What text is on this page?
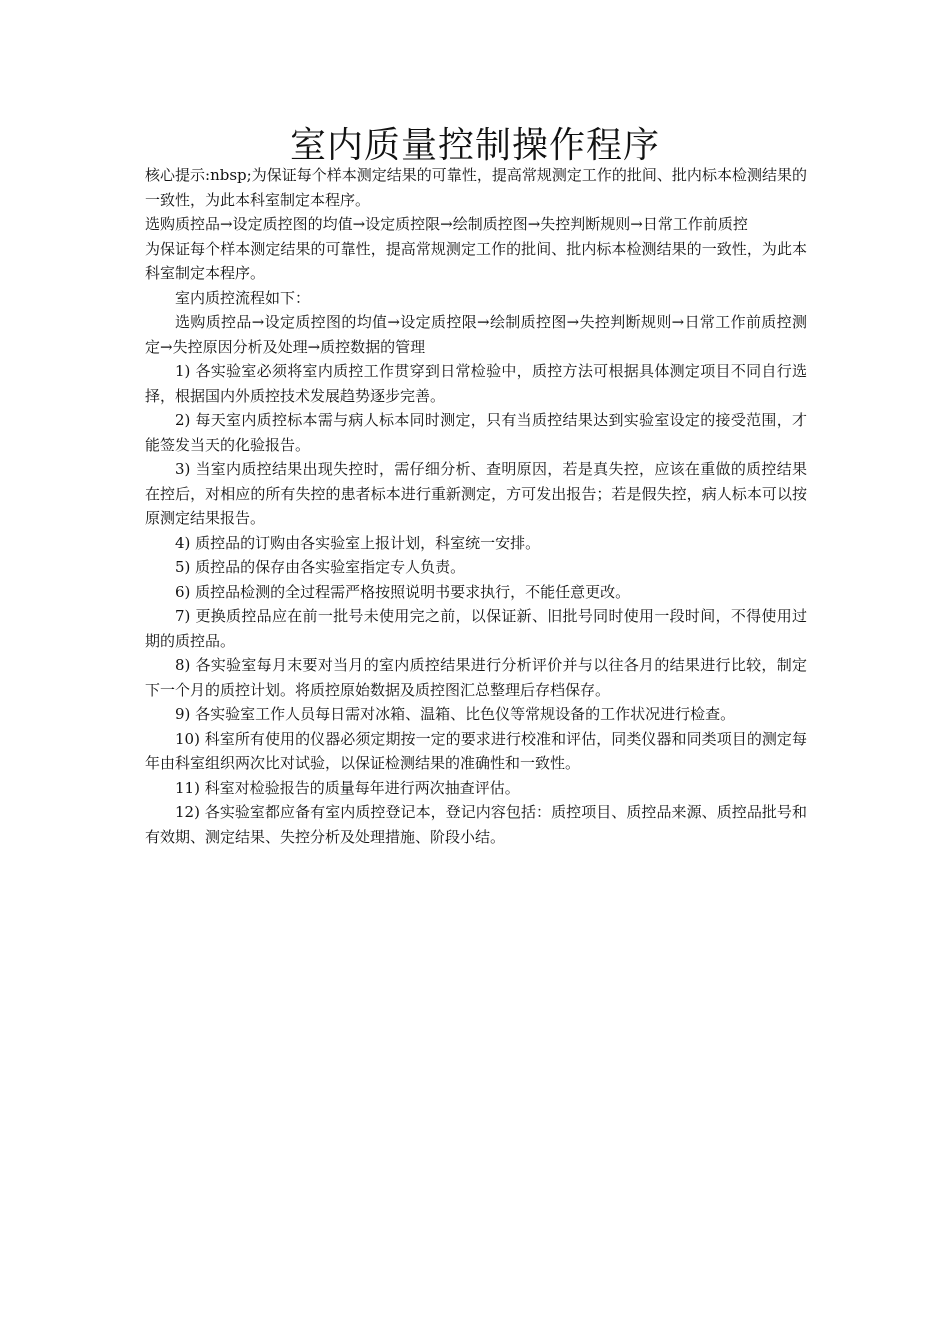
室内质量控制操作程序

核心提示:nbsp;为保证每个样本测定结果的可靠性，提高常规测定工作的批间、批内标本检测结果的一致性，为此本科室制定本程序。

选购质控品→设定质控图的均值→设定质控限→绘制质控图→失控判断规则→日常工作前质控

为保证每个样本测定结果的可靠性，提高常规测定工作的批间、批内标本检测结果的一致性，为此本科室制定本程序。

室内质控流程如下：

选购质控品→设定质控图的均值→设定质控限→绘制质控图→失控判断规则→日常工作前质控测定→失控原因分析及处理→质控数据的管理

1) 各实验室必须将室内质控工作贯穿到日常检验中，质控方法可根据具体测定项目不同自行选择，根据国内外质控技术发展趋势逐步完善。

2) 每天室内质控标本需与病人标本同时测定，只有当质控结果达到实验室设定的接受范围，才能签发当天的化验报告。

3) 当室内质控结果出现失控时，需仔细分析、查明原因，若是真失控，应该在重做的质控结果在控后，对相应的所有失控的患者标本进行重新测定，方可发出报告；若是假失控，病人标本可以按原测定结果报告。

4) 质控品的订购由各实验室上报计划，科室统一安排。

5) 质控品的保存由各实验室指定专人负责。

6) 质控品检测的全过程需严格按照说明书要求执行，不能任意更改。

7) 更换质控品应在前一批号未使用完之前，以保证新、旧批号同时使用一段时间，不得使用过期的质控品。

8) 各实验室每月末要对当月的室内质控结果进行分析评价并与以往各月的结果进行比较，制定下一个月的质控计划。将质控原始数据及质控图汇总整理后存档保存。

9) 各实验室工作人员每日需对冰箱、温箱、比色仪等常规设备的工作状况进行检查。

10) 科室所有使用的仪器必须定期按一定的要求进行校准和评估，同类仪器和同类项目的测定每年由科室组织两次比对试验，以保证检测结果的准确性和一致性。

11) 科室对检验报告的质量每年进行两次抽查评估。

12) 各实验室都应备有室内质控登记本，登记内容包括：质控项目、质控品来源、质控品批号和有效期、测定结果、失控分析及处理措施、阶段小结。
